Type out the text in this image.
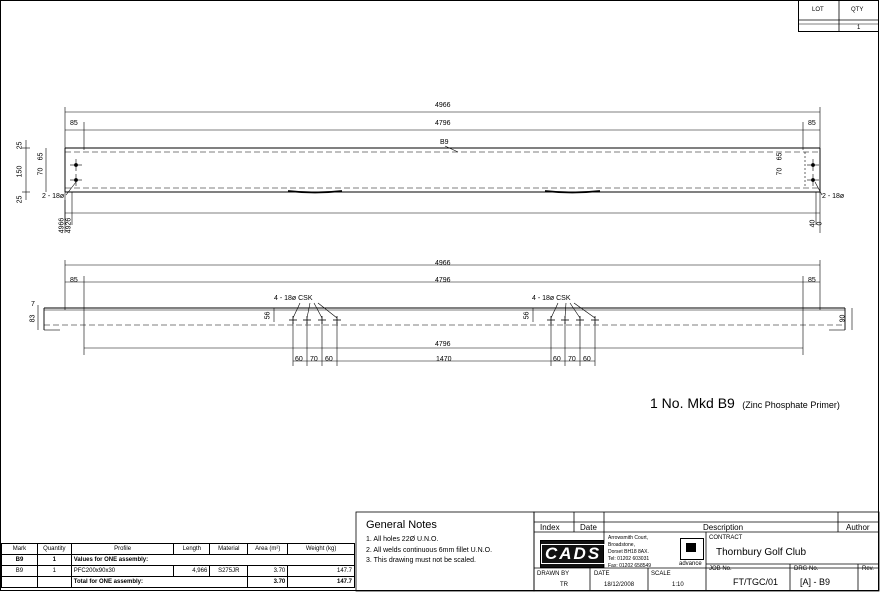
LOT	QTY
1
4966
4796
85	85
B9
25
150
25
70
65
70
65
2 - 18ø	2 - 18ø
4966 4926	40 0
4966
4796
85	85
7
83	90
4 - 18ø CSK	4 - 18ø CSK
56	56
4796
60 70 60	1470	60 70 60
1 No. Mkd B9 (Zinc Phosphate Primer)
General Notes
1. All holes 22Ø U.N.O.
2. All welds continuous 6mm fillet U.N.O.
3. This drawing must not be scaled.
Mark	Quantity	Profile	Length	Material	Area (m²)	Weight (kg)
B9	1	Values for ONE assembly:				
B9	1	PFC200x90x30	4,966	S275JR	3.70	147.7
		Total for ONE assembly:			3.70	147.7
Index	Date	Description	Author
CADS
Arrowsmith Court,
Broadstone,
Dorset BH18 8AX.
Tel: 01202 603031
Fax: 01202 658549	advance
CONTRACT
Thornbury Golf Club
DRAWN BY
TR
DATE
18/12/2008
SCALE
1:10
JOB No.
FT/TGC/01
DRG No.
[A] - B9
Rev.
